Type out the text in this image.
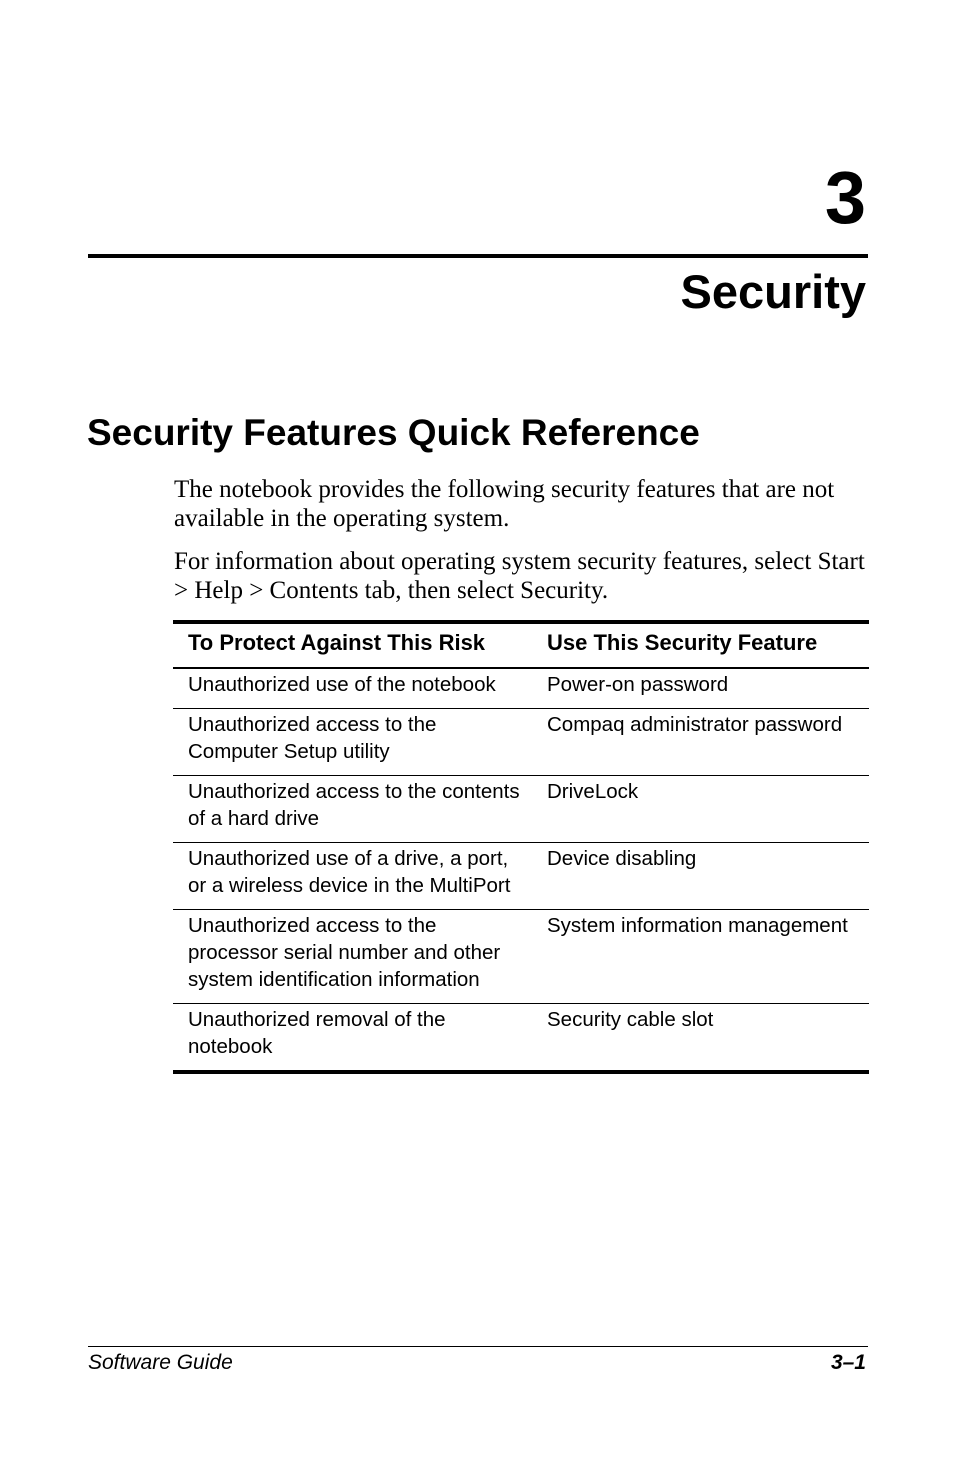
3
Security
Security Features Quick Reference
The notebook provides the following security features that are not available in the operating system.
For information about operating system security features, select Start > Help > Contents tab, then select Security.
To Protect Against This Risk	Use This Security Feature
Unauthorized use of the notebook	Power-on password
Unauthorized access to the Computer Setup utility	Compaq administrator password
Unauthorized access to the contents of a hard drive	DriveLock
Unauthorized use of a drive, a port, or a wireless device in the MultiPort	Device disabling
Unauthorized access to the processor serial number and other system identification information	System information management
Unauthorized removal of the notebook	Security cable slot
Software Guide	3–1
